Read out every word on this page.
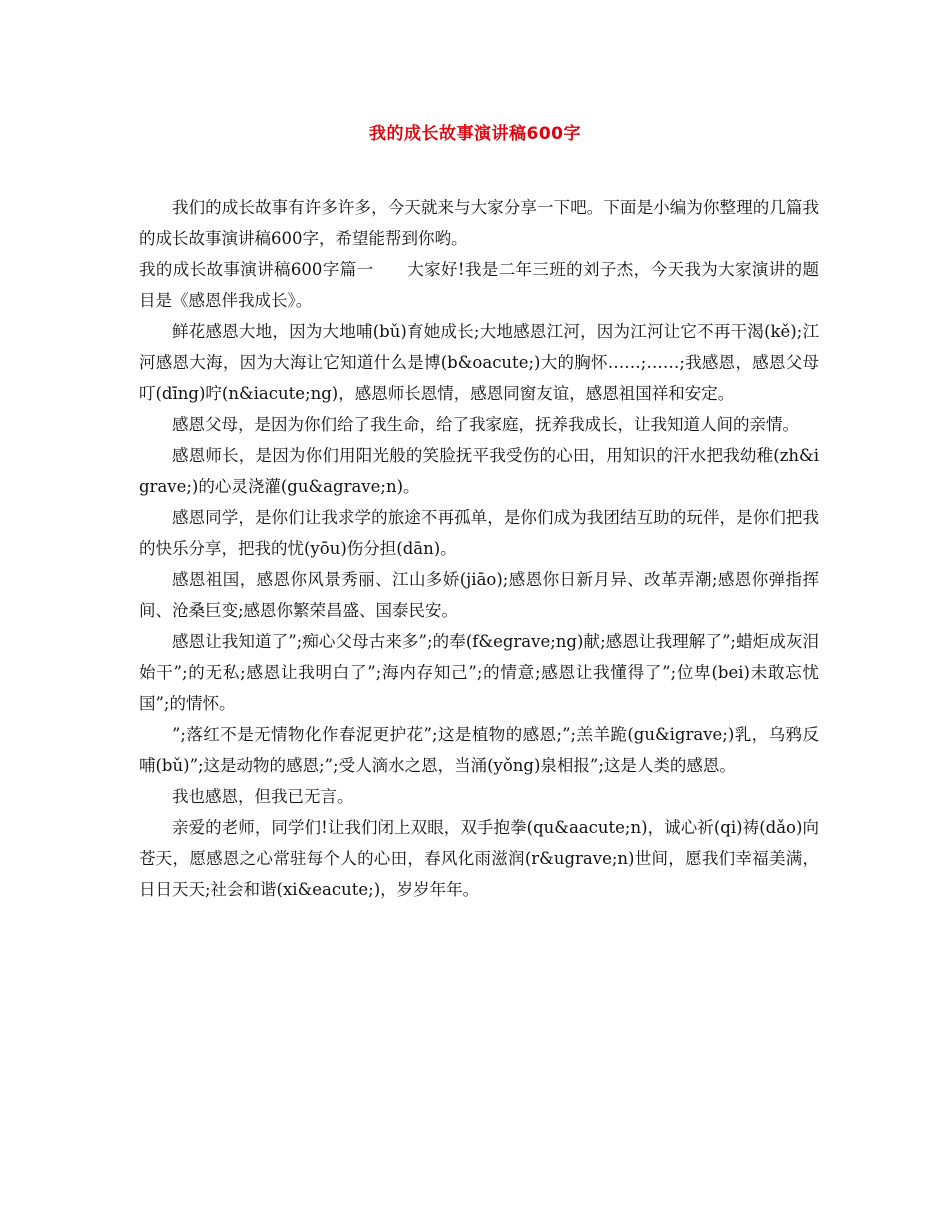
我的成长故事演讲稿600字

我们的成长故事有许多许多，今天就来与大家分享一下吧。下面是小编为你整理的几篇我的成长故事演讲稿600字，希望能帮到你哟。

我的成长故事演讲稿600字篇一　　大家好!我是二年三班的刘子杰，今天我为大家演讲的题目是《感恩伴我成长》。

鲜花感恩大地，因为大地哺(bǔ)育她成长;大地感恩江河，因为江河让它不再干渴(kě);江河感恩大海，因为大海让它知道什么是博(b&oacute;)大的胸怀……;……;我感恩，感恩父母叮(dīng)咛(n&iacute;ng)，感恩师长恩情，感恩同窗友谊，感恩祖国祥和安定。

感恩父母，是因为你们给了我生命，给了我家庭，抚养我成长，让我知道人间的亲情。

感恩师长，是因为你们用阳光般的笑脸抚平我受伤的心田，用知识的汗水把我幼稚(zh&igrave;)的心灵浇灌(gu&agrave;n)。

感恩同学，是你们让我求学的旅途不再孤单，是你们成为我团结互助的玩伴，是你们把我的快乐分享，把我的忧(yōu)伤分担(dān)。

感恩祖国，感恩你风景秀丽、江山多娇(jiāo);感恩你日新月异、改革弄潮;感恩你弹指挥间、沧桑巨变;感恩你繁荣昌盛、国泰民安。

感恩让我知道了”;痴心父母古来多”;的奉(f&egrave;ng)献;感恩让我理解了”;蜡炬成灰泪始干”;的无私;感恩让我明白了”;海内存知己”;的情意;感恩让我懂得了”;位卑(bei)未敢忘忧国”;的情怀。

”;落红不是无情物化作春泥更护花”;这是植物的感恩;”;羔羊跪(gu&igrave;)乳，乌鸦反哺(bǔ)”;这是动物的感恩;”;受人滴水之恩，当涌(yǒng)泉相报”;这是人类的感恩。

我也感恩，但我已无言。

亲爱的老师，同学们!让我们闭上双眼，双手抱拳(qu&aacute;n)，诚心祈(qi)祷(dǎo)向苍天，愿感恩之心常驻每个人的心田，春风化雨滋润(r&ugrave;n)世间，愿我们幸福美满，日日天天;社会和谐(xi&eacute;)，岁岁年年。
